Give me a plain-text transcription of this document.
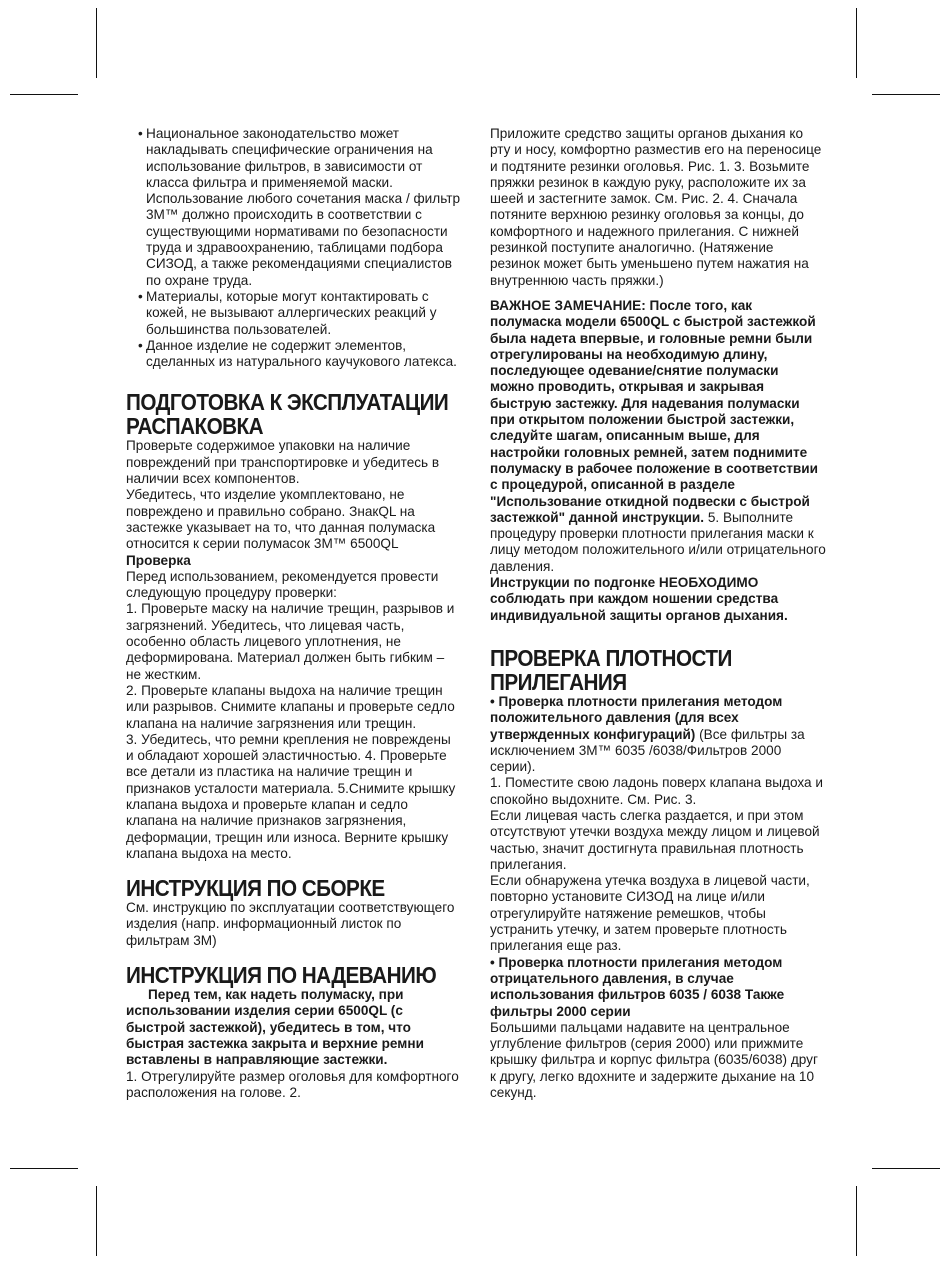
• Национальное законодательство может накладывать специфические ограничения на использование фильтров, в зависимости от класса фильтра и применяемой маски. Использование любого сочетания маска / фильтр 3M™ должно происходить в соответствии с существующими нормативами по безопасности труда и здравоохранению, таблицами подбора СИЗОД, а также рекомендациями специалистов по охране труда.

• Материалы, которые могут контактировать с кожей, не вызывают аллергических реакций у большинства пользователей.

• Данное изделие не содержит элементов, сделанных из натурального каучукового латекса.

ПОДГОТОВКА К ЭКСПЛУАТАЦИИ
РАСПАКОВКА

Проверьте содержимое упаковки на наличие повреждений при транспортировке и убедитесь в наличии всех компонентов.

Убедитесь, что изделие укомплектовано, не повреждено и правильно собрано. ЗнакQL на застежке указывает на то, что данная полумаска относится к серии полумасок 3M™ 6500QL

Проверка

Перед использованием, рекомендуется провести следующую процедуру проверки:

1. Проверьте маску на наличие трещин, разрывов и загрязнений. Убедитесь, что лицевая часть, особенно область лицевого уплотнения, не деформирована. Материал должен быть гибким – не жестким.

2. Проверьте клапаны выдоха на наличие трещин или разрывов. Снимите клапаны и проверьте седло клапана на наличие загрязнения или трещин.

3. Убедитесь, что ремни крепления не повреждены и обладают хорошей эластичностью. 4. Проверьте все детали из пластика на наличие трещин и признаков усталости материала. 5.Снимите крышку клапана выдоха и проверьте клапан и седло клапана на наличие признаков загрязнения, деформации, трещин или износа. Верните крышку клапана выдоха на место.

ИНСТРУКЦИЯ ПО СБОРКЕ

См. инструкцию по эксплуатации соответствующего изделия (напр. информационный листок по фильтрам 3M)

ИНСТРУКЦИЯ ПО НАДЕВАНИЮ

Перед тем, как надеть полумаску, при использовании изделия серии 6500QL (с быстрой застежкой), убедитесь в том, что быстрая застежка закрыта и верхние ремни вставлены в направляющие застежки.

1. Отрегулируйте размер оголовья для комфортного расположения на голове. 2.

Приложите средство защиты органов дыхания ко рту и носу, комфортно разместив его на переносице и подтяните резинки оголовья. Рис. 1. 3. Возьмите пряжки резинок в каждую руку, расположите их за шеей и застегните замок. См. Рис. 2. 4. Сначала потяните верхнюю резинку оголовья за концы, до комфортного и надежного прилегания. С нижней резинкой поступите аналогично. (Натяжение резинок может быть уменьшено путем нажатия на внутреннюю часть пряжки.)

ВАЖНОЕ ЗАМЕЧАНИЕ: После того, как полумаска модели 6500QL с быстрой застежкой была надета впервые, и головные ремни были отрегулированы на необходимую длину, последующее одевание/снятие полумаски можно проводить, открывая и закрывая быструю застежку. Для надевания полумаски при открытом положении быстрой застежки, следуйте шагам, описанным выше, для настройки головных ремней, затем поднимите полумаску в рабочее положение в соответствии с процедурой, описанной в разделе "Использование откидной подвески с быстрой застежкой" данной инструкции. 5. Выполните процедуру проверки плотности прилегания маски к лицу методом положительного и/или отрицательного давления.

Инструкции по подгонке НЕОБХОДИМО соблюдать при каждом ношении средства индивидуальной защиты органов дыхания.

ПРОВЕРКА ПЛОТНОСТИ
ПРИЛЕГАНИЯ

• Проверка плотности прилегания методом положительного давления (для всех утвержденных конфигураций) (Все фильтры за исключением 3M™ 6035 /6038/Фильтров 2000 серии).

1. Поместите свою ладонь поверх клапана выдоха и спокойно выдохните. См. Рис. 3.

Если лицевая часть слегка раздается, и при этом отсутствуют утечки воздуха между лицом и лицевой частью, значит достигнута правильная плотность прилегания.

Если обнаружена утечка воздуха в лицевой части, повторно установите СИЗОД на лице и/или отрегулируйте натяжение ремешков, чтобы устранить утечку, и затем проверьте плотность прилегания еще раз.

• Проверка плотности прилегания методом отрицательного давления, в случае использования фильтров 6035 / 6038 Также фильтры 2000 серии

Большими пальцами надавите на центральное углубление фильтров (серия 2000) или прижмите крышку фильтра и корпус фильтра (6035/6038) друг к другу, легко вдохните и задержите дыхание на 10 секунд.
